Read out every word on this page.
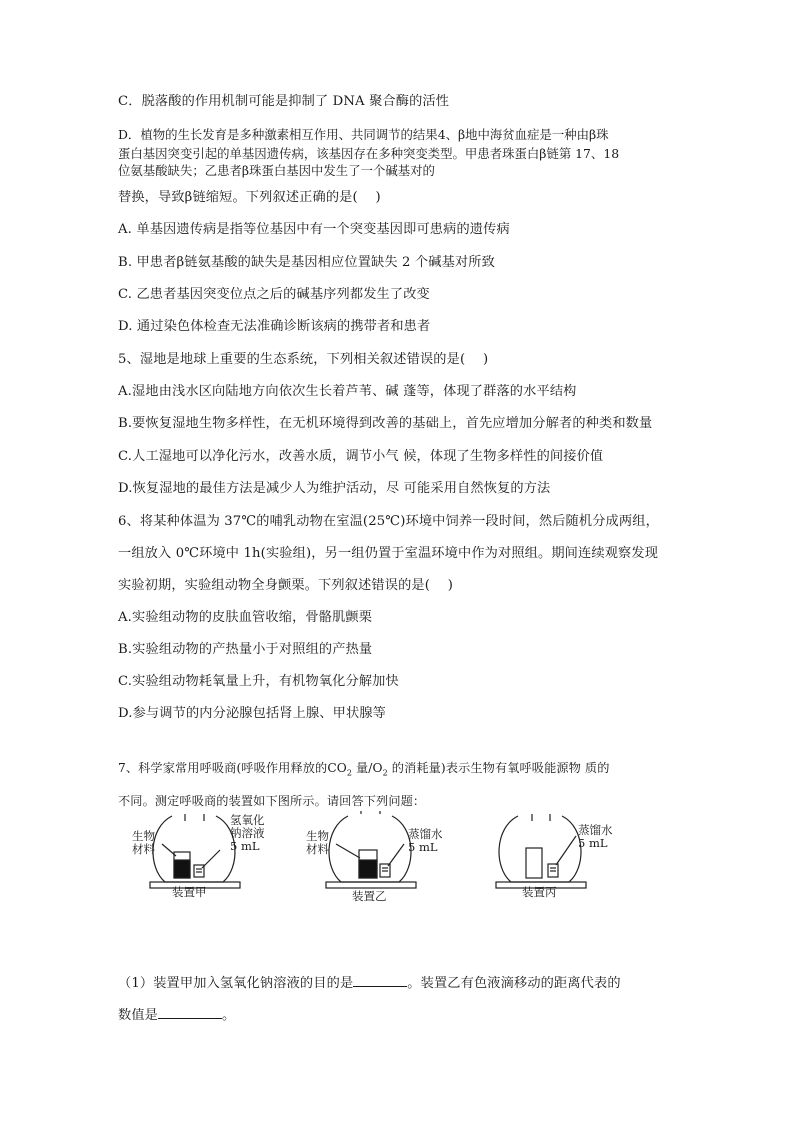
C．脱落酸的作用机制可能是抑制了 DNA 聚合酶的活性
D．植物的生长发育是多种激素相互作用、共同调节的结果4、β地中海贫血症是一种由β珠
蛋白基因突变引起的单基因遗传病，该基因存在多种突变类型。甲患者珠蛋白β链第 17、18
位氨基酸缺失；乙患者β珠蛋白基因中发生了一个碱基对的
替换，导致β链缩短。下列叙述正确的是(　 )
A. 单基因遗传病是指等位基因中有一个突变基因即可患病的遗传病
B. 甲患者β链氨基酸的缺失是基因相应位置缺失 2 个碱基对所致
C. 乙患者基因突变位点之后的碱基序列都发生了改变
D. 通过染色体检查无法准确诊断该病的携带者和患者
5、湿地是地球上重要的生态系统，下列相关叙述错误的是(　 )
A.湿地由浅水区向陆地方向依次生长着芦苇、碱 蓬等，体现了群落的水平结构
B.要恢复湿地生物多样性，在无机环境得到改善的基础上，首先应增加分解者的种类和数量
C.人工湿地可以净化污水，改善水质，调节小气 候，体现了生物多样性的间接价值
D.恢复湿地的最佳方法是减少人为维护活动，尽 可能采用自然恢复的方法
6、将某种体温为 37℃的哺乳动物在室温(25℃)环境中饲养一段时间，然后随机分成两组，
一组放入 0℃环境中 1h(实验组)，另一组仍置于室温环境中作为对照组。期间连续观察发现
实验初期，实验组动物全身颤栗。下列叙述错误的是(　 )
A.实验组动物的皮肤血管收缩，骨骼肌颤栗
B.实验组动物的产热量小于对照组的产热量
C.实验组动物耗氧量上升，有机物氧化分解加快
D.参与调节的内分泌腺包括肾上腺、甲状腺等
7、科学家常用呼吸商(呼吸作用释放的$CO_2$ 量$/O_2$ 的消耗量)表示生物有氧呼吸能源物 质的
不同。测定呼吸商的装置如下图所示。请回答下列问题：
生物
材料
氢氧化
钠溶液
5 mL
装置甲
生物
材料
蒸馏水
5 mL
装置乙
蒸馏水
5 mL
装置丙
（1）装置甲加入氢氧化钠溶液的目的是	。装置乙有色液滴移动的距离代表的
数值是	。
